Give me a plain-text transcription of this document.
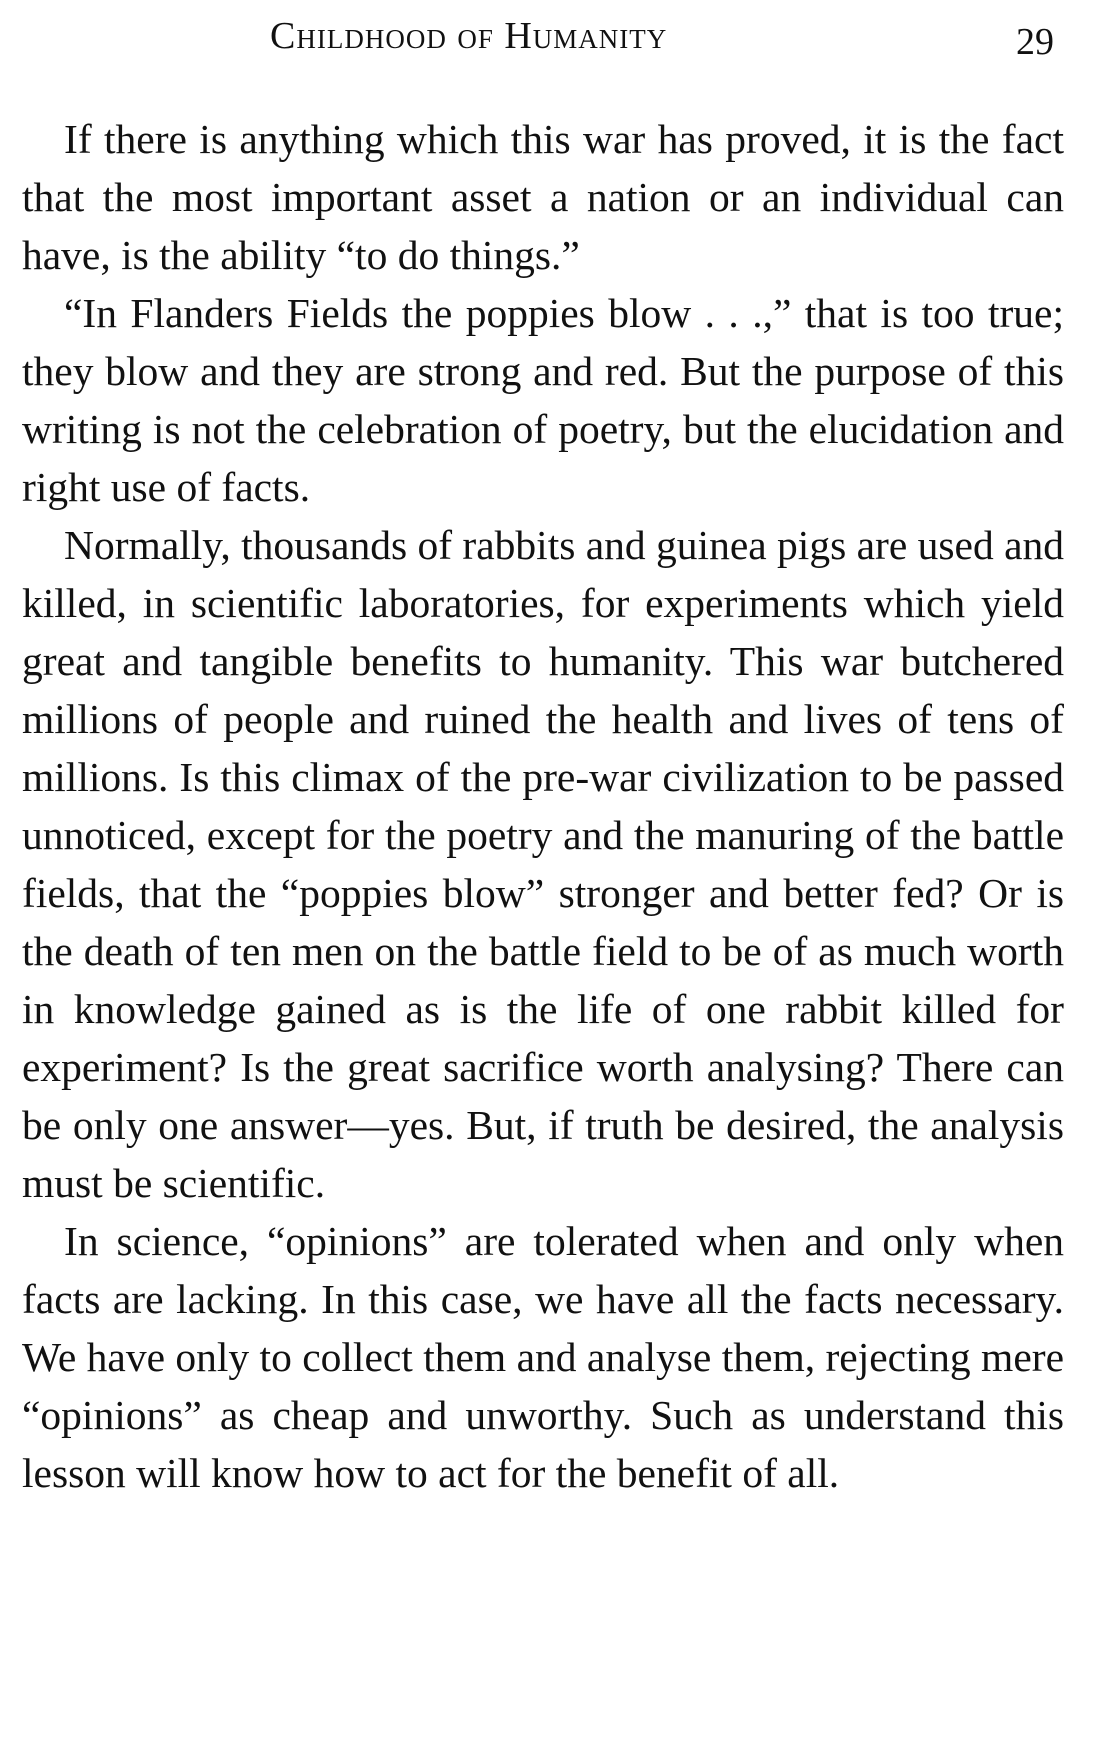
Childhood of Humanity	29

If there is anything which this war has proved, it is the fact that the most important asset a nation or an individual can have, is the ability “to do things.”

“In Flanders Fields the poppies blow . . .,” that is too true; they blow and they are strong and red. But the purpose of this writing is not the celebration of poetry, but the elucidation and right use of facts.

Normally, thousands of rabbits and guinea pigs are used and killed, in scientific laboratories, for experiments which yield great and tangible benefits to humanity. This war butchered millions of people and ruined the health and lives of tens of millions. Is this climax of the pre-war civilization to be passed unnoticed, except for the poetry and the manuring of the battle fields, that the “poppies blow” stronger and better fed? Or is the death of ten men on the battle field to be of as much worth in knowledge gained as is the life of one rabbit killed for experiment? Is the great sacrifice worth analysing? There can be only one answer—yes. But, if truth be desired, the analysis must be scientific.

In science, “opinions” are tolerated when and only when facts are lacking. In this case, we have all the facts necessary. We have only to collect them and analyse them, rejecting mere “opinions” as cheap and unworthy. Such as understand this lesson will know how to act for the benefit of all.
